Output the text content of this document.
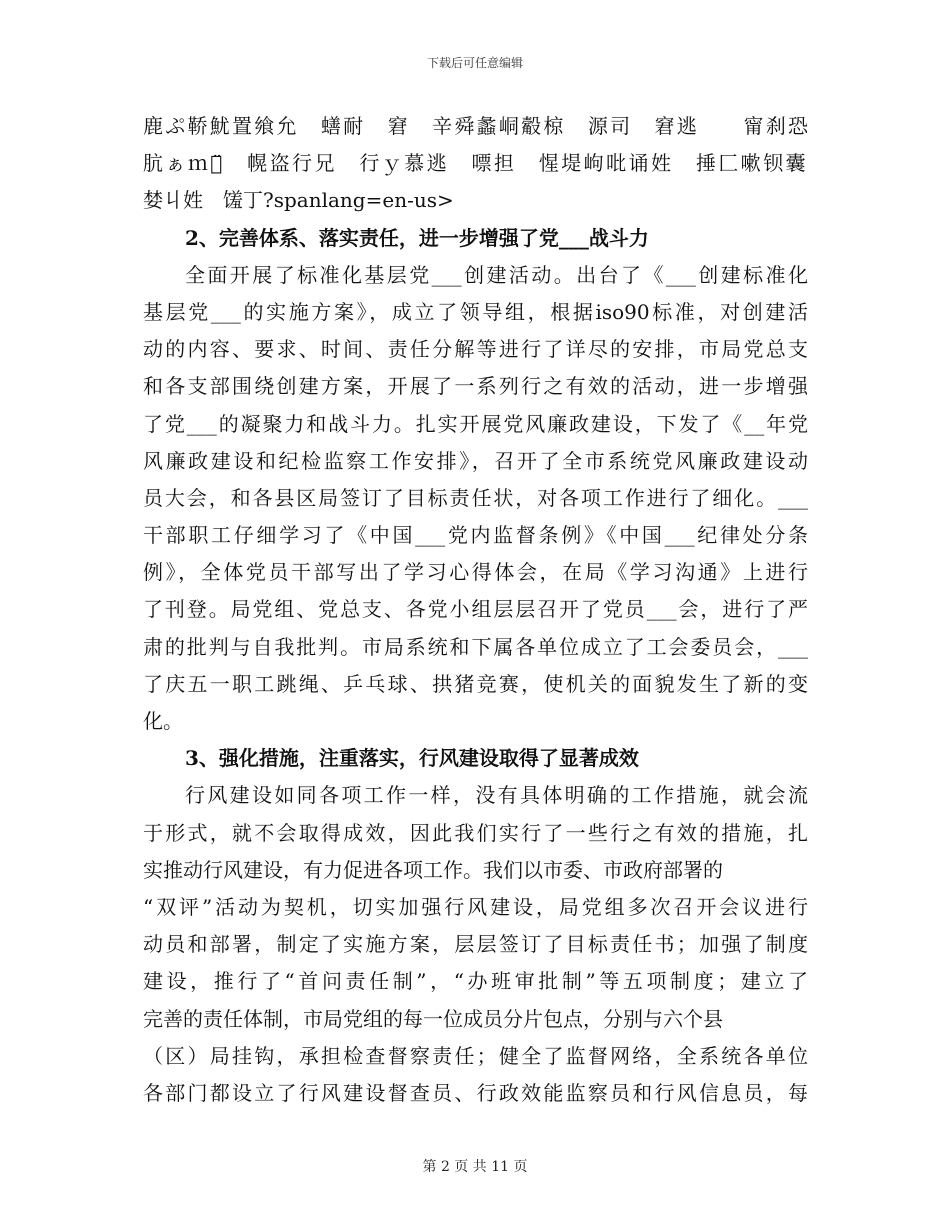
下载后可任意编辑
鹿ぷ鞒魷置飨允　蟮耐　窘　辛舜蠡峒觳椋　源司　窘逃　　甯刹恐
肮ぁｍｕ̈　幌盗行兄　行ｙ慕逃　嘌担　惺堤岣吡诵姓　捶匚嗽钡囊
婪丩姓　馐丁?spanlang=en-us>
2、完善体系、落实责任，进一步增强了党___战斗力
全面开展了标准化基层党___创建活动。出台了《___创建标准化
基层党___的实施方案》，成立了领导组，根据iso90标准，对创建活
动的内容、要求、时间、责任分解等进行了详尽的安排，市局党总支
和各支部围绕创建方案，开展了一系列行之有效的活动，进一步增强
了党___的凝聚力和战斗力。扎实开展党风廉政建设，下发了《__年党
风廉政建设和纪检监察工作安排》，召开了全市系统党风廉政建设动
员大会，和各县区局签订了目标责任状，对各项工作进行了细化。___
干部职工仔细学习了《中国___党内监督条例》《中国___纪律处分条
例》，全体党员干部写出了学习心得体会，在局《学习沟通》上进行
了刊登。局党组、党总支、各党小组层层召开了党员___会，进行了严
肃的批判与自我批判。市局系统和下属各单位成立了工会委员会，___
了庆五一职工跳绳、乒乓球、拱猪竞赛，使机关的面貌发生了新的变
化。
3、强化措施，注重落实，行风建设取得了显著成效
行风建设如同各项工作一样，没有具体明确的工作措施，就会流
于形式，就不会取得成效，因此我们实行了一些行之有效的措施，扎
实推动行风建设，有力促进各项工作。我们以市委、市政府部署的
“双评”活动为契机，切实加强行风建设，局党组多次召开会议进行
动员和部署，制定了实施方案，层层签订了目标责任书；加强了制度
建设，推行了“首问责任制”，“办班审批制”等五项制度；建立了
完善的责任体制，市局党组的每一位成员分片包点，分别与六个县
（区）局挂钩，承担检查督察责任；健全了监督网络，全系统各单位
各部门都设立了行风建设督查员、行政效能监察员和行风信息员，每
第 2 页 共 11 页
